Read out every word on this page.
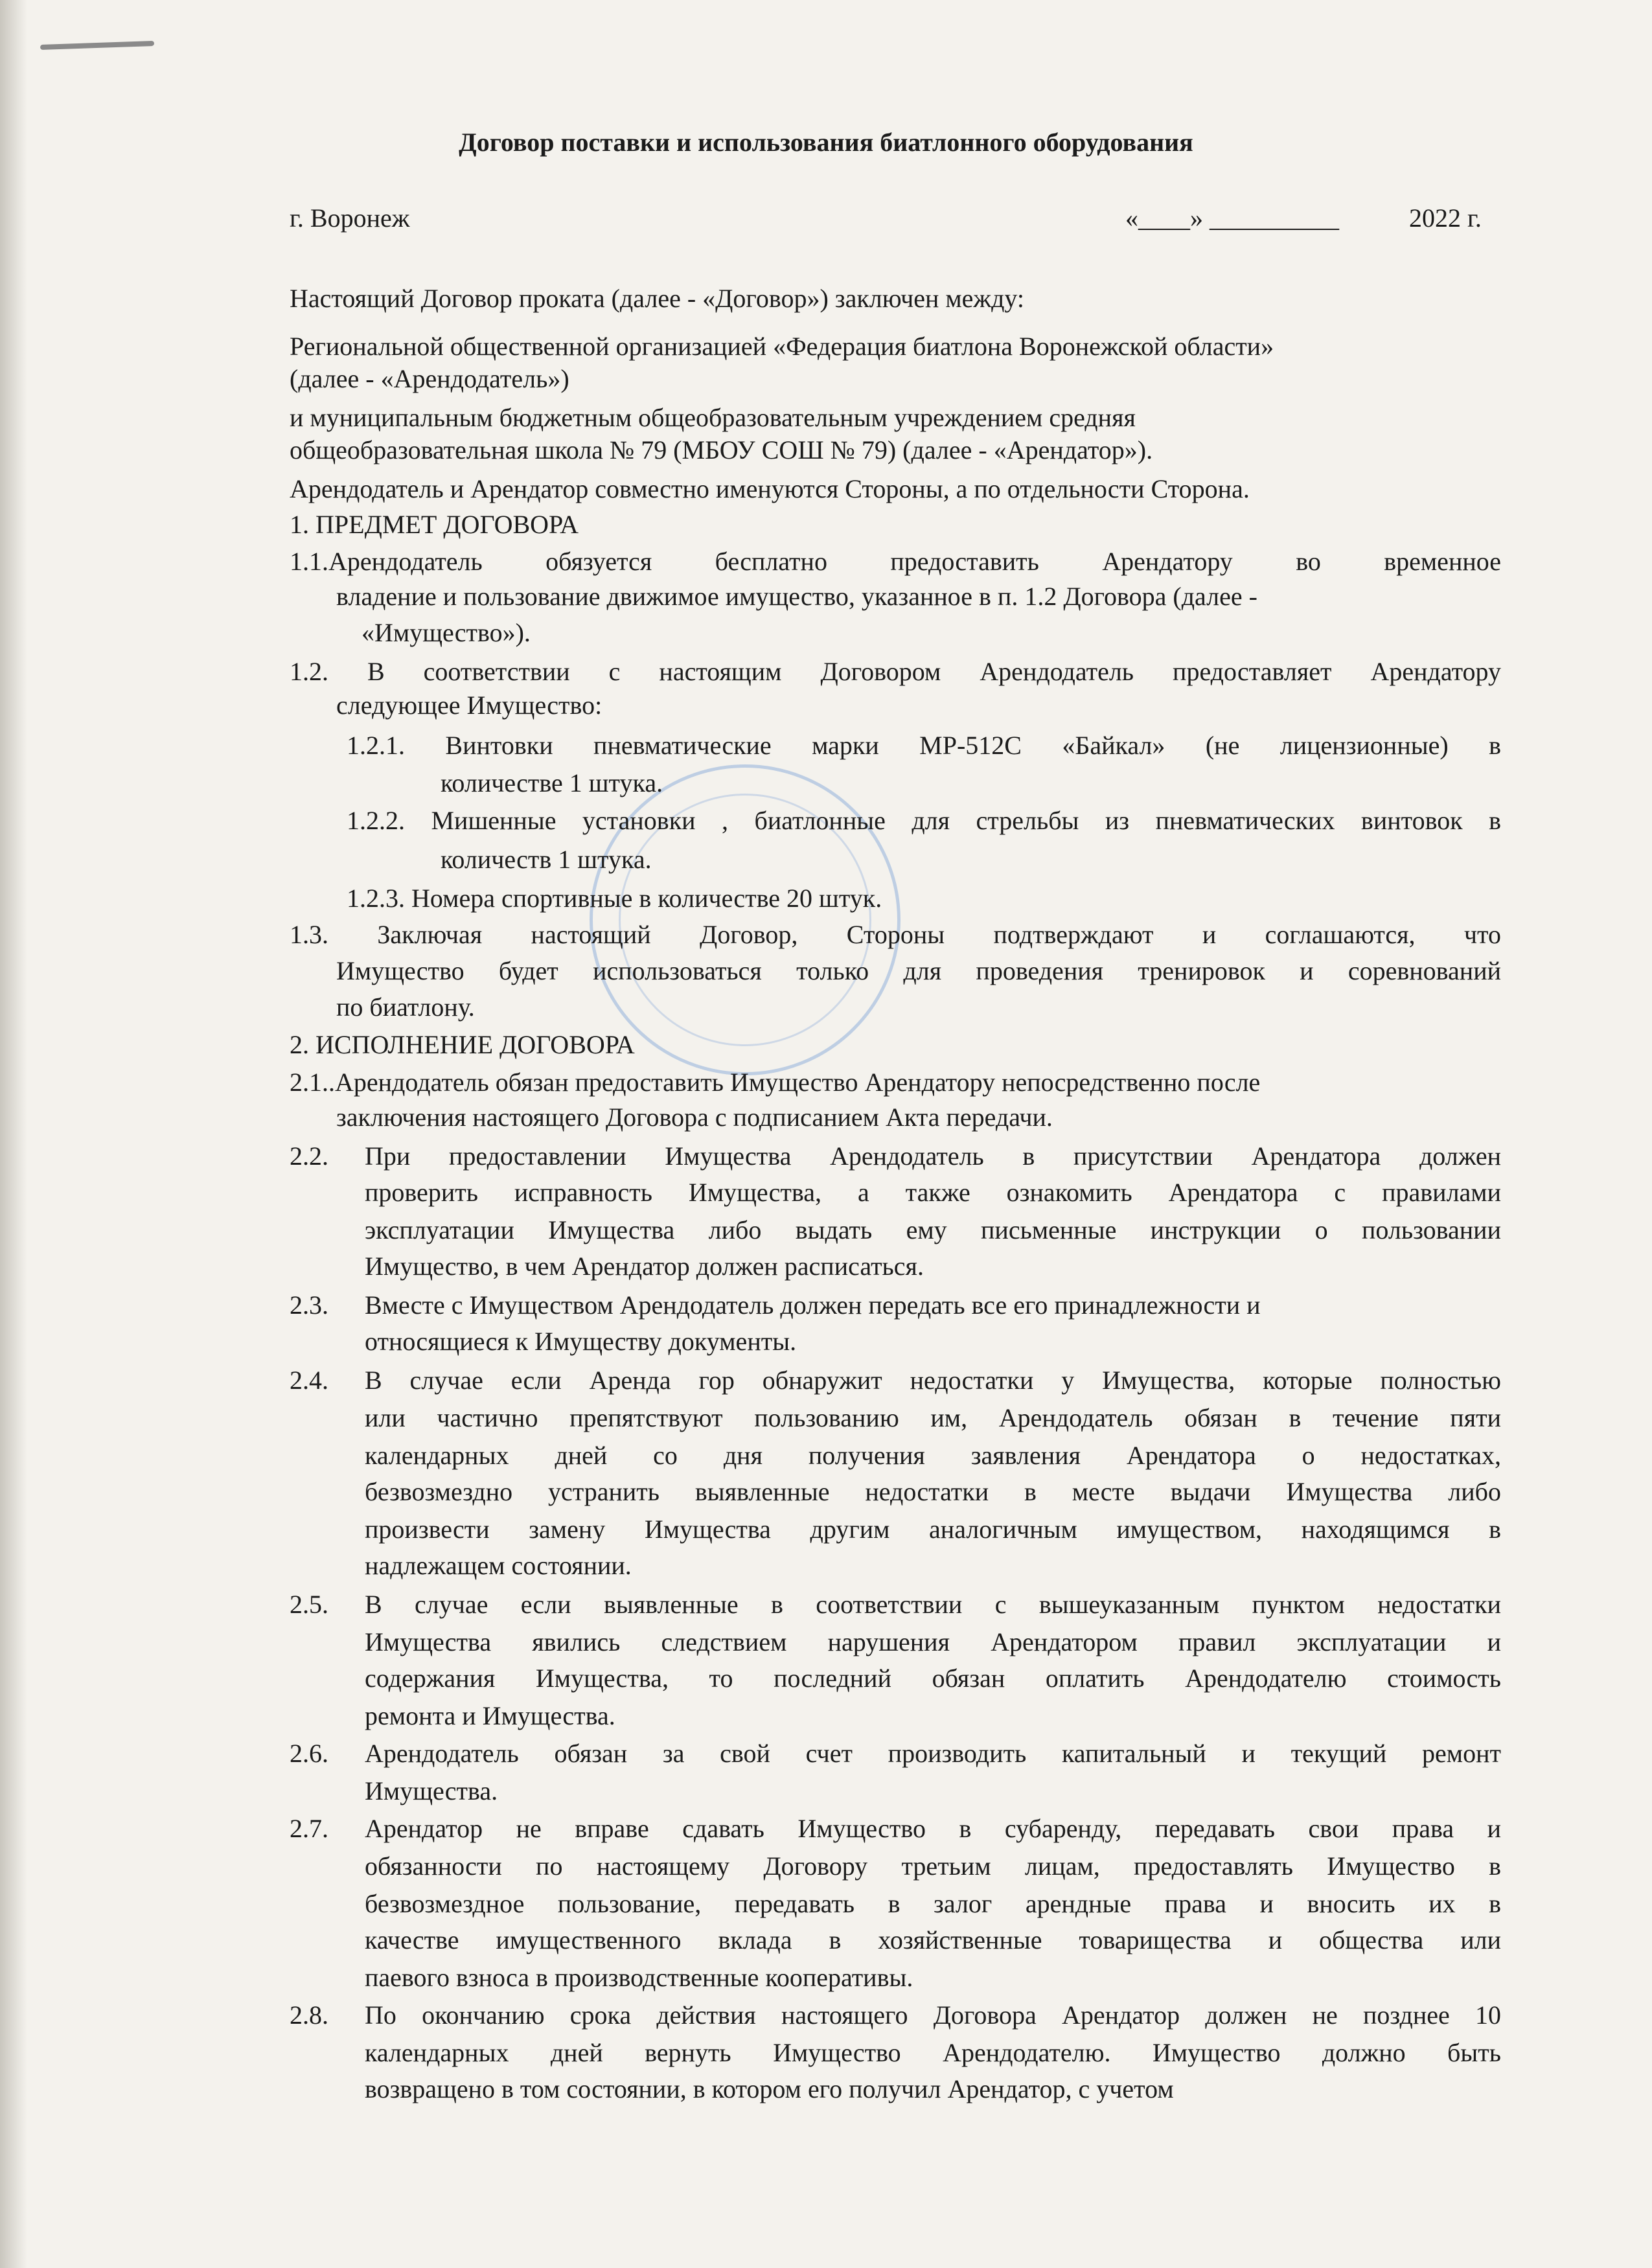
Договор поставки и использования биатлонного оборудования
г. Воронеж	«____» __________	2022 г.
Настоящий Договор проката (далее - «Договор») заключен между:
Региональной общественной организацией «Федерация биатлона Воронежской области»
(далее - «Арендодатель»)
и муниципальным бюджетным общеобразовательным учреждением средняя
общеобразовательная школа № 79 (МБОУ СОШ № 79) (далее - «Арендатор»).
Арендодатель и Арендатор совместно именуются Стороны, а по отдельности Сторона.
1. ПРЕДМЕТ ДОГОВОРА
1.1.Арендодатель обязуется бесплатно предоставить Арендатору во временное
владение и пользование движимое имущество, указанное в п. 1.2 Договора (далее -
«Имущество»).
1.2. В соответствии с настоящим Договором Арендодатель предоставляет Арендатору
следующее Имущество:
1.2.1. Винтовки пневматические марки МР-512С «Байкал» (не лицензионные) в
количестве 1 штука.
1.2.2. Мишенные установки , биатлонные для стрельбы из пневматических винтовок в
количеств 1 штука.
1.2.3. Номера спортивные в количестве 20 штук.
1.3. Заключая настоящий Договор, Стороны подтверждают и соглашаются, что
Имущество будет использоваться только для проведения тренировок и соревнований
по биатлону.
2. ИСПОЛНЕНИЕ ДОГОВОРА
2.1..Арендодатель обязан предоставить Имущество Арендатору непосредственно после
заключения настоящего Договора с подписанием Акта передачи.
2.2. При предоставлении Имущества Арендодатель в присутствии Арендатора должен
проверить исправность Имущества, а также ознакомить Арендатора с правилами
эксплуатации Имущества либо выдать ему письменные инструкции о пользовании
Имущество, в чем Арендатор должен расписаться.
2.3. Вместе с Имуществом Арендодатель должен передать все его принадлежности и
относящиеся к Имуществу документы.
2.4. В случае если Аренда гор обнаружит недостатки у Имущества, которые полностью
или частично препятствуют пользованию им, Арендодатель обязан в течение пяти
календарных дней со дня получения заявления Арендатора о недостатках,
безвозмездно устранить выявленные недостатки в месте выдачи Имущества либо
произвести замену Имущества другим аналогичным имуществом, находящимся в
надлежащем состоянии.
2.5. В случае если выявленные в соответствии с вышеуказанным пунктом недостатки
Имущества явились следствием нарушения Арендатором правил эксплуатации и
содержания Имущества, то последний обязан оплатить Арендодателю стоимость
ремонта и Имущества.
2.6. Арендодатель обязан за свой счет производить капитальный и текущий ремонт
Имущества.
2.7. Арендатор не вправе сдавать Имущество в субаренду, передавать свои права и
обязанности по настоящему Договору третьим лицам, предоставлять Имущество в
безвозмездное пользование, передавать в залог арендные права и вносить их в
качестве имущественного вклада в хозяйственные товарищества и общества или
паевого взноса в производственные кооперативы.
2.8. По окончанию срока действия настоящего Договора Арендатор должен не позднее 10
календарных дней вернуть Имущество Арендодателю. Имущество должно быть
возвращено в том состоянии, в котором его получил Арендатор, с учетом
